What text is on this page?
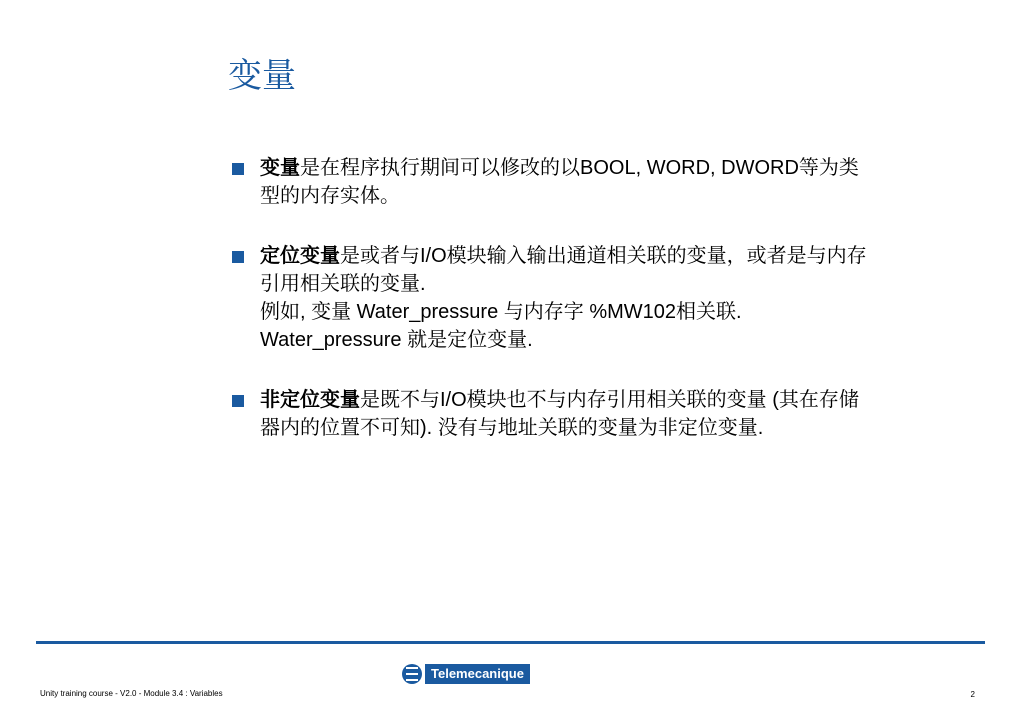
变量
变量是在程序执行期间可以修改的以BOOL, WORD, DWORD等为类
型的内存实体。
定位变量是或者与I/O模块输入输出通道相关联的变量，或者是与内存
引用相关联的变量.
例如, 变量 Water_pressure 与内存字 %MW102相关联.
Water_pressure 就是定位变量.
非定位变量是既不与I/O模块也不与内存引用相关联的变量 (其在存储
器内的位置不可知). 没有与地址关联的变量为非定位变量.
Telemecanique
Unity training course - V2.0 - Module 3.4 : Variables	2
